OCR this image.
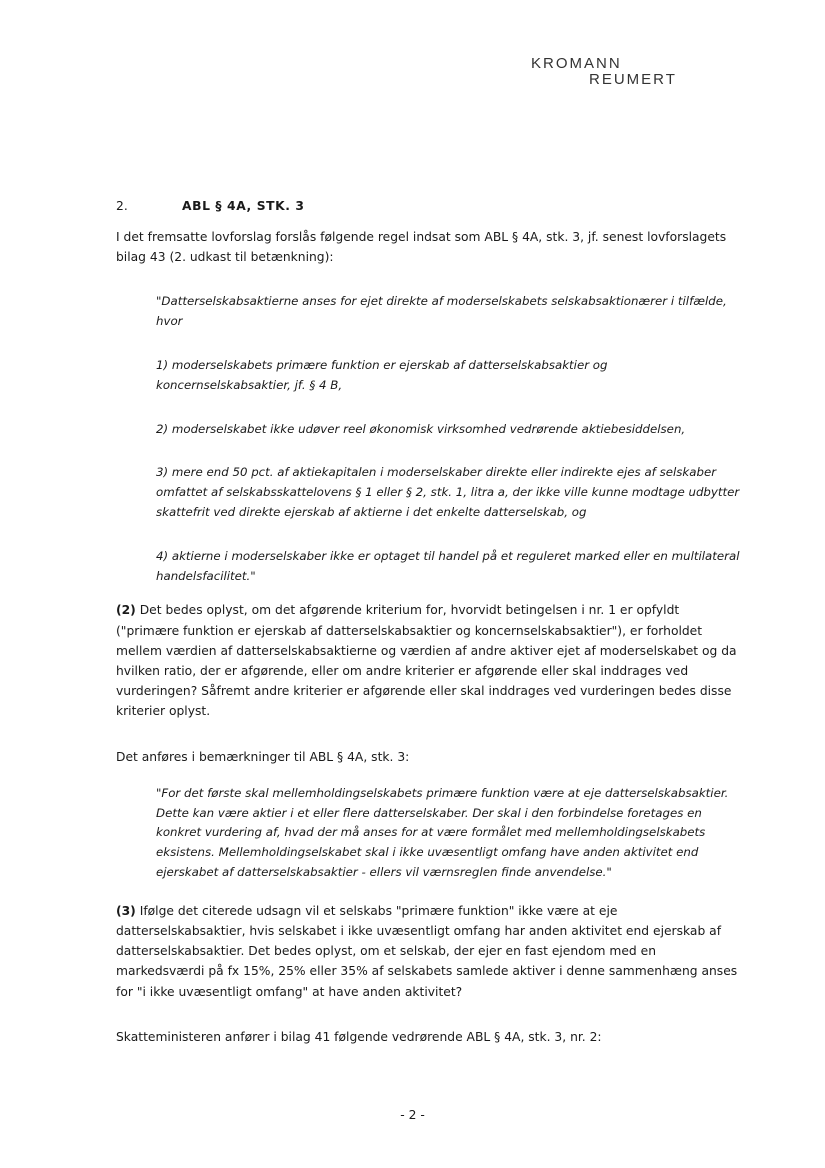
KROMANN
REUMERT
2.	ABL § 4A, STK. 3

I det fremsatte lovforslag forslås følgende regel indsat som ABL § 4A, stk. 3, jf. senest lovforslagets bilag 43 (2. udkast til betænkning):

"Datterselskabsaktierne anses for ejet direkte af moderselskabets selskabsaktionærer i tilfælde, hvor

1) moderselskabets primære funktion er ejerskab af datterselskabsaktier og koncernselskabsaktier, jf. § 4 B,

2) moderselskabet ikke udøver reel økonomisk virksomhed vedrørende aktiebesiddelsen,

3) mere end 50 pct. af aktiekapitalen i moderselskaber direkte eller indirekte ejes af selskaber omfattet af selskabsskattelovens § 1 eller § 2, stk. 1, litra a, der ikke ville kunne modtage udbytter skattefrit ved direkte ejerskab af aktierne i det enkelte datterselskab, og

4) aktierne i moderselskaber ikke er optaget til handel på et reguleret marked eller en multilateral handelsfacilitet."

(2) Det bedes oplyst, om det afgørende kriterium for, hvorvidt betingelsen i nr. 1 er opfyldt ("primære funktion er ejerskab af datterselskabsaktier og koncernselskabsaktier"), er forholdet mellem værdien af datterselskabsaktierne og værdien af andre aktiver ejet af moderselskabet og da hvilken ratio, der er afgørende, eller om andre kriterier er afgørende eller skal inddrages ved vurderingen? Såfremt andre kriterier er afgørende eller skal inddrages ved vurderingen bedes disse kriterier oplyst.

Det anføres i bemærkninger til ABL § 4A, stk. 3:

"For det første skal mellemholdingselskabets primære funktion være at eje datterselskabsaktier. Dette kan være aktier i et eller flere datterselskaber. Der skal i den forbindelse foretages en konkret vurdering af, hvad der må anses for at være formålet med mellemholdingselskabets eksistens. Mellemholdingselskabet skal i ikke uvæsentligt omfang have anden aktivitet end ejerskabet af datterselskabsaktier - ellers vil værnsreglen finde anvendelse."

(3) Ifølge det citerede udsagn vil et selskabs "primære funktion" ikke være at eje datterselskabsaktier, hvis selskabet i ikke uvæsentligt omfang har anden aktivitet end ejerskab af datterselskabsaktier. Det bedes oplyst, om et selskab, der ejer en fast ejendom med en markedsværdi på fx 15%, 25% eller 35% af selskabets samlede aktiver i denne sammenhæng anses for "i ikke uvæsentligt omfang" at have anden aktivitet?

Skatteministeren anfører i bilag 41 følgende vedrørende ABL § 4A, stk. 3, nr. 2:

- 2 -
